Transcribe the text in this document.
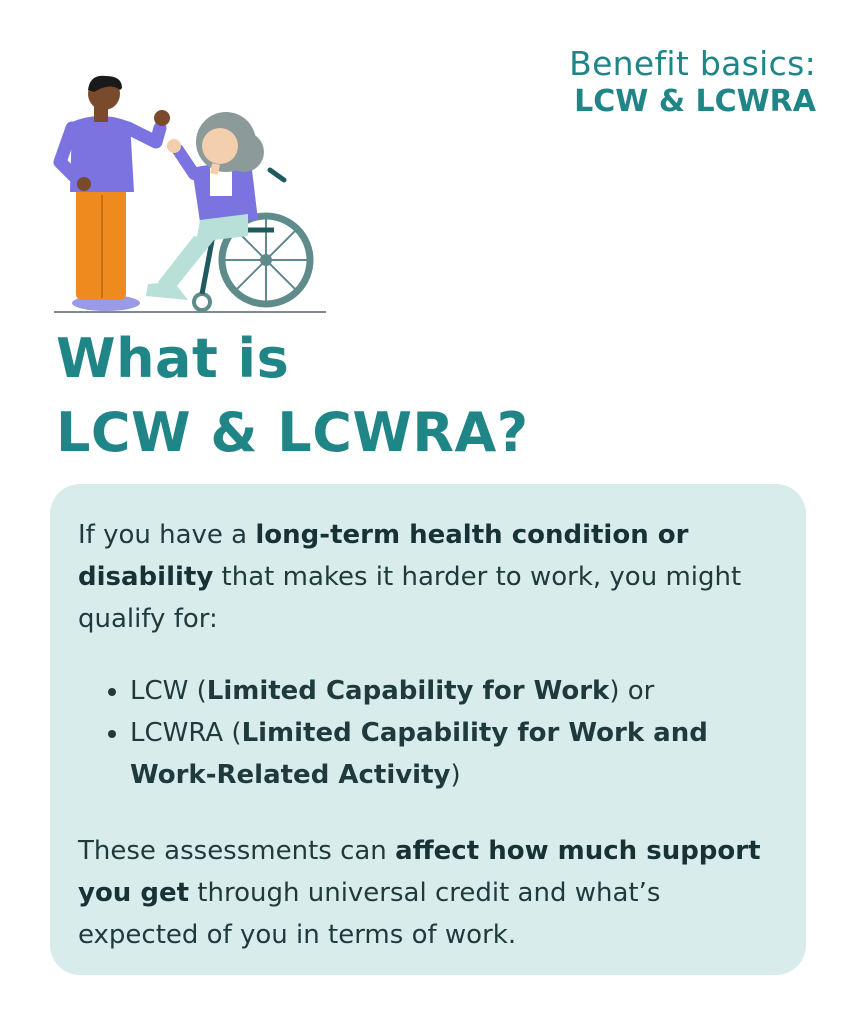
Benefit basics:
LCW & LCWRA
What is
LCW & LCWRA?

If you have a long-term health condition or disability that makes it harder to work, you might qualify for:

LCW (Limited Capability for Work) or
LCWRA (Limited Capability for Work and Work-Related Activity)

These assessments can affect how much support you get through universal credit and what’s expected of you in terms of work.
